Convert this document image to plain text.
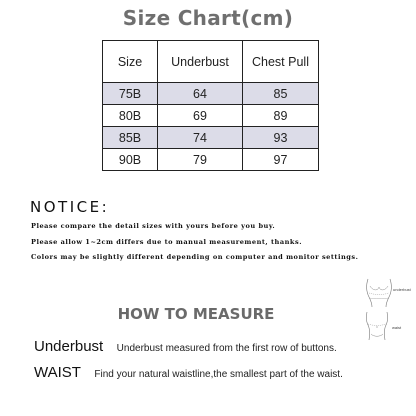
Size Chart(cm)
Size	Underbust	Chest Pull
75B	64	85
80B	69	89
85B	74	93
90B	79	97
NOTICE:
Please compare the detail sizes with yours before you buy.
Please allow 1~2cm differs due to manual measurement, thanks.
Colors may be slightly different depending on computer and monitor settings.
underbust
waist
HOW TO MEASURE
Underbust Underbust measured from the first row of buttons.
WAIST Find your natural waistline,the smallest part of the waist.
